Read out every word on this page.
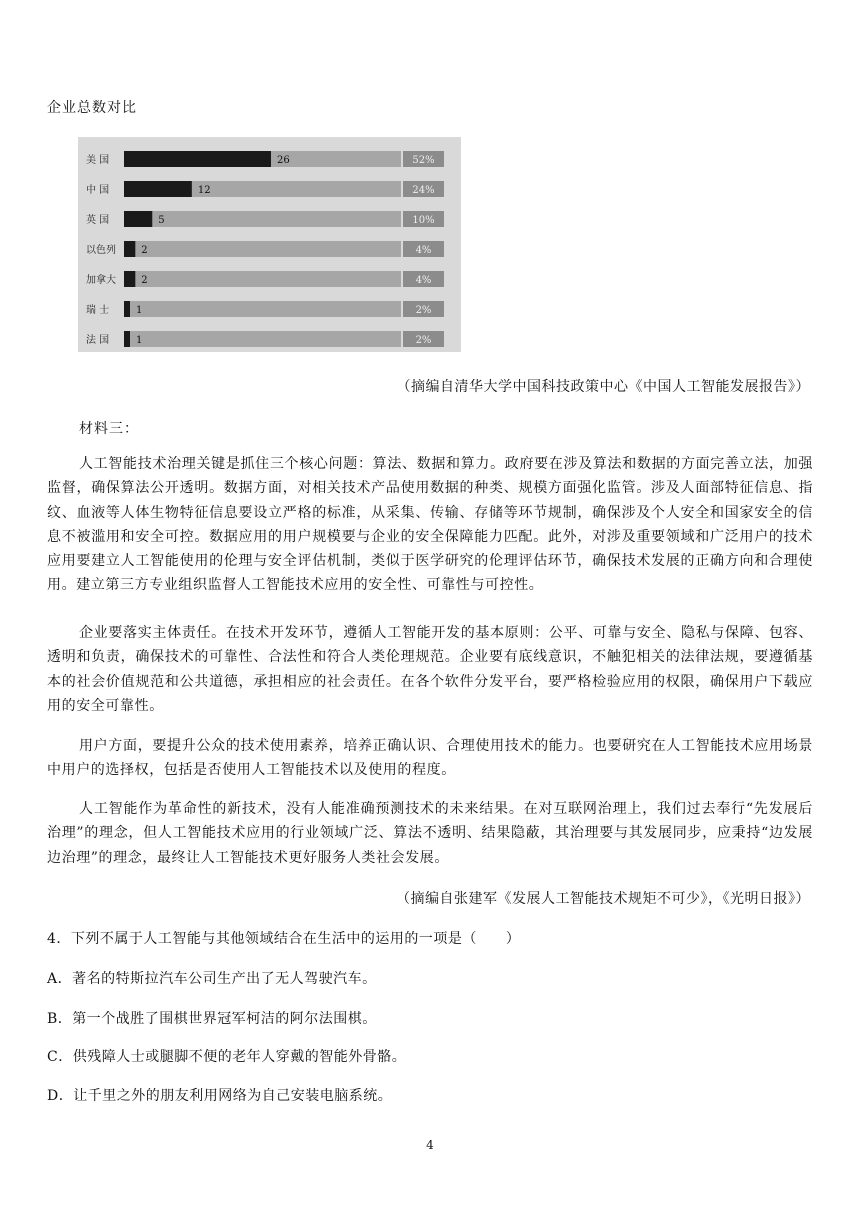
企业总数对比
美 国	26	52%
中 国	12	24%
英 国	5	10%
以色列	2	4%
加拿大	2	4%
瑞 士	1	2%
法 国	1	2%
（摘编自清华大学中国科技政策中心《中国人工智能发展报告》）
材料三：

人工智能技术治理关键是抓住三个核心问题：算法、数据和算力。政府要在涉及算法和数据的方面完善立法，加强监督，确保算法公开透明。数据方面，对相关技术产品使用数据的种类、规模方面强化监管。涉及人面部特征信息、指纹、血液等人体生物特征信息要设立严格的标准，从采集、传输、存储等环节规制，确保涉及个人安全和国家安全的信息不被滥用和安全可控。数据应用的用户规模要与企业的安全保障能力匹配。此外，对涉及重要领域和广泛用户的技术应用要建立人工智能使用的伦理与安全评估机制，类似于医学研究的伦理评估环节，确保技术发展的正确方向和合理使用。建立第三方专业组织监督人工智能技术应用的安全性、可靠性与可控性。

企业要落实主体责任。在技术开发环节，遵循人工智能开发的基本原则：公平、可靠与安全、隐私与保障、包容、透明和负责，确保技术的可靠性、合法性和符合人类伦理规范。企业要有底线意识，不触犯相关的法律法规，要遵循基本的社会价值规范和公共道德，承担相应的社会责任。在各个软件分发平台，要严格检验应用的权限，确保用户下载应用的安全可靠性。

用户方面，要提升公众的技术使用素养，培养正确认识、合理使用技术的能力。也要研究在人工智能技术应用场景中用户的选择权，包括是否使用人工智能技术以及使用的程度。

人工智能作为革命性的新技术，没有人能准确预测技术的未来结果。在对互联网治理上，我们过去奉行“先发展后治理”的理念，但人工智能技术应用的行业领域广泛、算法不透明、结果隐蔽，其治理要与其发展同步，应秉持“边发展边治理”的理念，最终让人工智能技术更好服务人类社会发展。

（摘编自张建军《发展人工智能技术规矩不可少》，《光明日报》）
4．下列不属于人工智能与其他领域结合在生活中的运用的一项是（　　）
A．著名的特斯拉汽车公司生产出了无人驾驶汽车。
B．第一个战胜了围棋世界冠军柯洁的阿尔法围棋。
C．供残障人士或腿脚不便的老年人穿戴的智能外骨骼。
D．让千里之外的朋友利用网络为自己安装电脑系统。
4
